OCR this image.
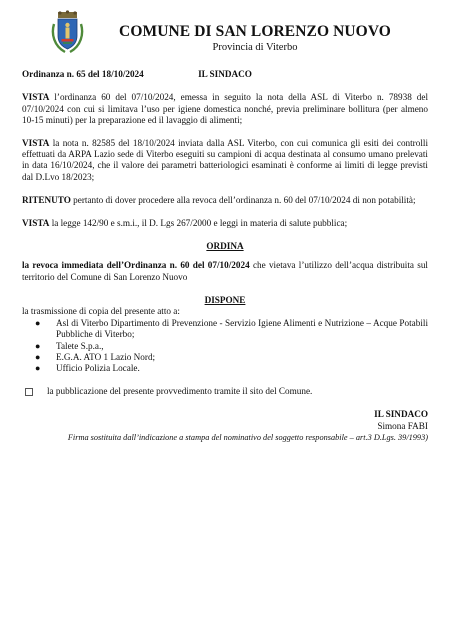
COMUNE DI SAN LORENZO NUOVO
Provincia di Viterbo

Ordinanza n. 65 del 18/10/2024	IL SINDACO

VISTA l’ordinanza 60 del 07/10/2024, emessa in seguito la nota della ASL di Viterbo n. 78938 del 07/10/2024 con cui si limitava l’uso per igiene domestica nonché, previa preliminare bollitura (per almeno 10-15 minuti) per la preparazione ed il lavaggio di alimenti;

VISTA la nota n. 82585 del 18/10/2024 inviata dalla ASL Viterbo, con cui comunica gli esiti dei controlli effettuati da ARPA Lazio sede di Viterbo eseguiti su campioni di acqua destinata al consumo umano prelevati in data 16/10/2024, che il valore dei parametri batteriologici esaminati è conforme ai limiti di legge previsti dal D.Lvo 18/2023;

RITENUTO pertanto di dover procedere alla revoca dell’ordinanza n. 60 del 07/10/2024 di non potabilità;

VISTA la legge 142/90 e s.m.i., il D. Lgs 267/2000 e leggi in materia di salute pubblica;

ORDINA

la revoca immediata dell’Ordinanza n. 60 del 07/10/2024 che vietava l’utilizzo dell’acqua distribuita sul territorio del Comune di San Lorenzo Nuovo

DISPONE

la trasmissione di copia del presente atto a:

● Asl di Viterbo Dipartimento di Prevenzione - Servizio Igiene Alimenti e Nutrizione – Acque Potabili Pubbliche di Viterbo;
● Talete S.p.a.,
● E.G.A. ATO 1 Lazio Nord;
● Ufficio Polizia Locale.

la pubblicazione del presente provvedimento tramite il sito del Comune.

IL SINDACO

Simona FABI

Firma sostituita dall’indicazione a stampa del nominativo del soggetto responsabile – art.3 D.Lgs. 39/1993)
